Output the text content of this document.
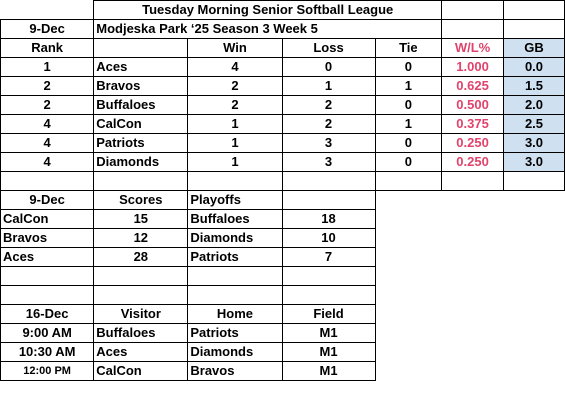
	Tuesday Morning Senior Softball League					
9-Dec	Modjeska Park ‘25 Season 3 Week 5					
Rank		Win	Loss	Tie	W/L%	GB
1	Aces	4	0	0	1.000	0.0
2	Bravos	2	1	1	0.625	1.5
2	Buffaloes	2	2	0	0.500	2.0
4	CalCon	1	2	1	0.375	2.5
4	Patriots	1	3	0	0.250	3.0
4	Diamonds	1	3	0	0.250	3.0

9-Dec	Scores	Playoffs				
CalCon	15	Buffaloes	18			
Bravos	12	Diamonds	10			
Aces	28	Patriots	7			

16-Dec	Visitor	Home	Field			
9:00 AM	Buffaloes	Patriots	M1			
10:30 AM	Aces	Diamonds	M1			
12:00 PM	CalCon	Bravos	M1			
